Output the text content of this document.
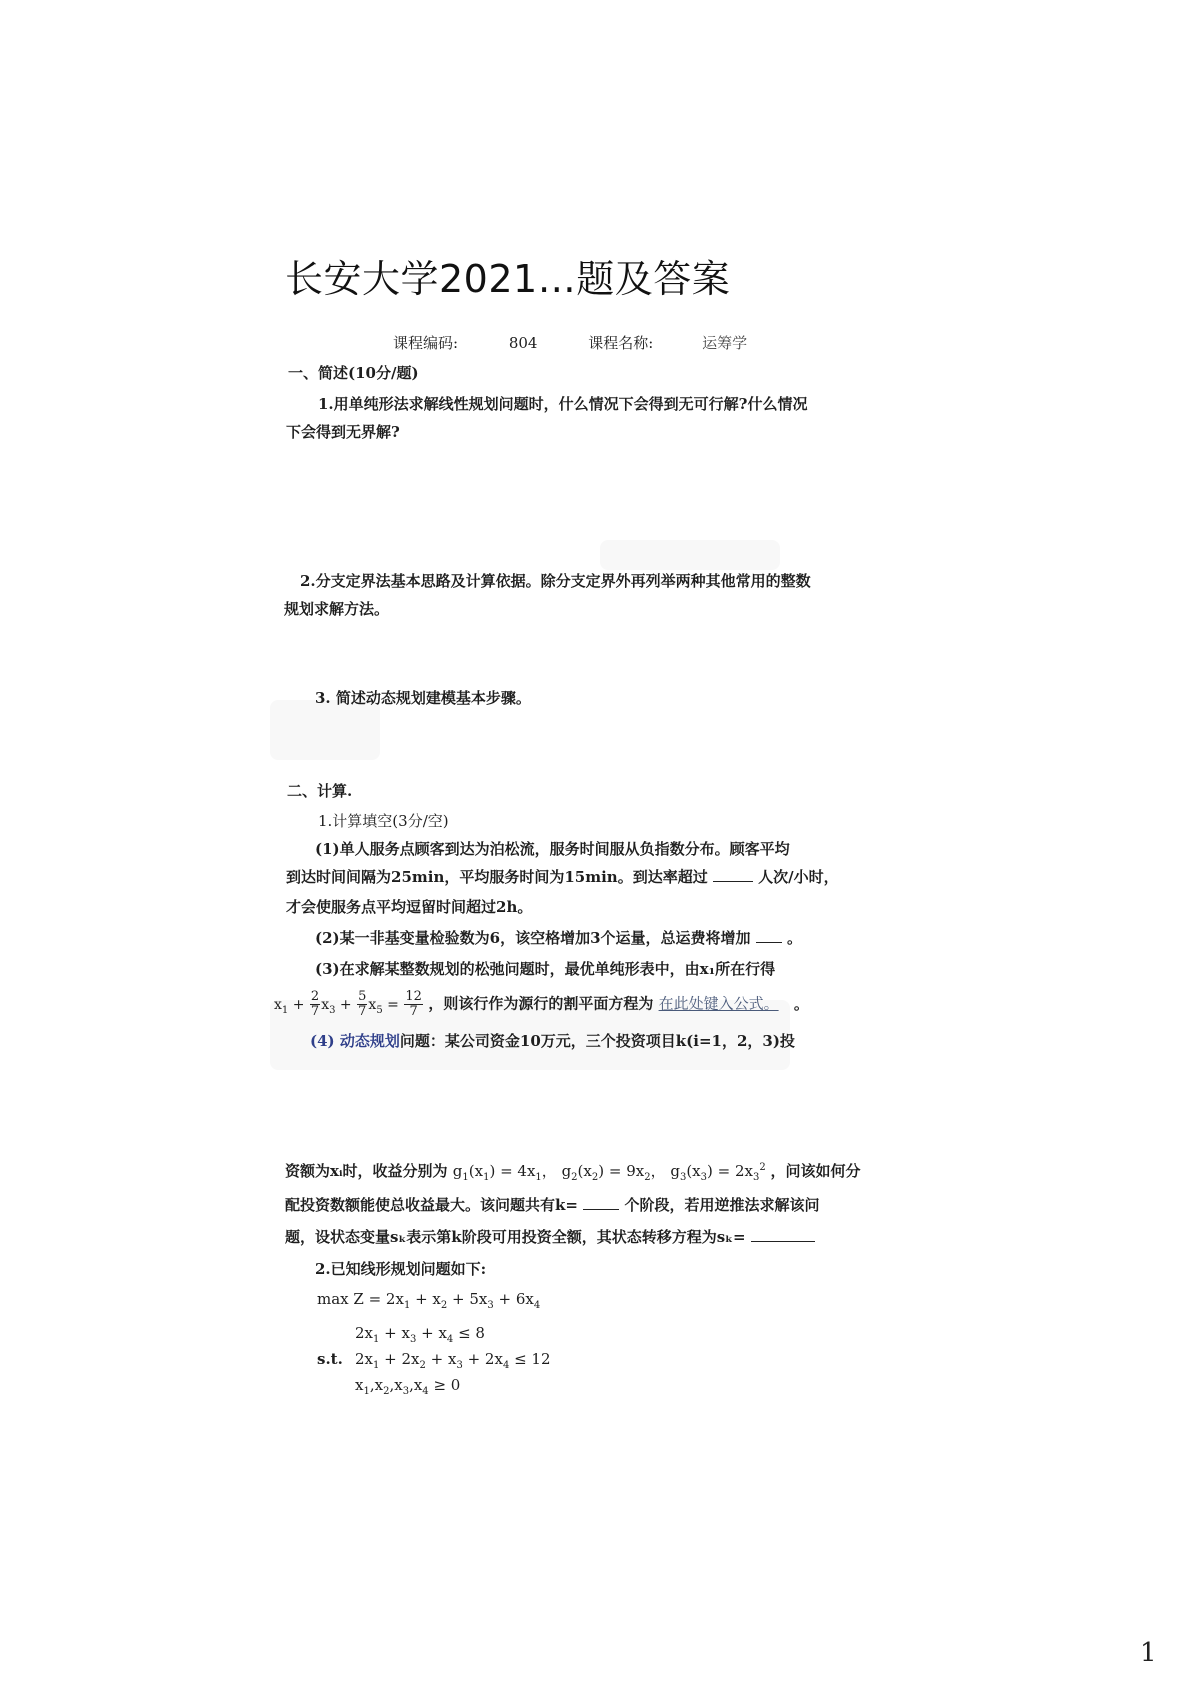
长安大学2021…题及答案
课程编码:	804	课程名称:	运筹学
一、简述(10分/题)
1.用单纯形法求解线性规划问题时，什么情况下会得到无可行解?什么情况
下会得到无界解?
2.分支定界法基本思路及计算依据。除分支定界外再列举两种其他常用的整数
规划求解方法。
3. 简述动态规划建模基本步骤。
二、计算.
1.计算填空(3分/空)
(1)单人服务点顾客到达为泊松流，服务时间服从负指数分布。顾客平均
到达时间间隔为25min，平均服务时间为15min。到达率超过	人次/小时，
才会使服务点平均逗留时间超过2h。
(2)某一非基变量检验数为6，该空格增加3个运量，总运费将增加 。
(3)在求解某整数规划的松弛问题时，最优单纯形表中，由x₁所在行得
$x_1 + \frac{2}{7} x_3 + \frac{5}{7} x_5 = \frac{12}{7}$ ，则该行作为源行的割平面方程为 在此处键入公式。 。
(4) 动态规划问题：某公司资金10万元，三个投资项目k(i=1，2，3)投
资额为xᵢ时，收益分别为 $g_1(x_1) = 4x_1$， $g_2(x_2) = 9x_2$， $g_3(x_3) = 2x_3^2$ ，问该如何分
配投资数额能使总收益最大。该问题共有k=	个阶段，若用逆推法求解该问
题，设状态变量sₖ表示第k阶段可用投资全额，其状态转移方程为sₖ=
2.已知线形规划问题如下:
$\max Z = 2x_1 + x_2 + 5x_3 + 6x_4$
$2x_1 + x_3 + x_4 \le 8$
s.t. $2x_1 + 2x_2 + x_3 + 2x_4 \le 12$
$x_1,x_2,x_3,x_4 \ge 0$
1
